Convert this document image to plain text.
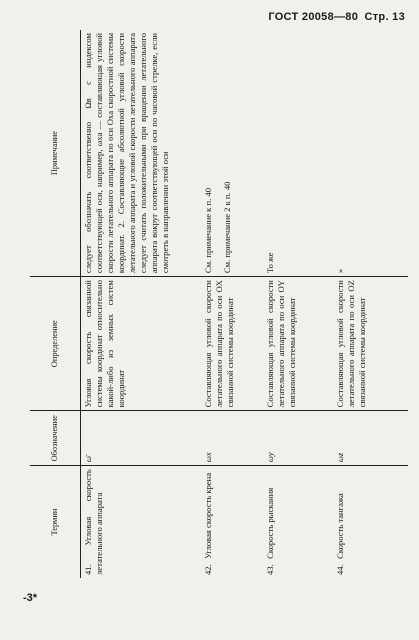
ГОСТ 20058—80 Стр. 13
Термин	Обозначение	Определение	Примечание
41. Угловая скорость летательного аппарата	ω̄	Угловая скорость связанной системы координат относительно какой-либо из земных систем координат	следует обозначать соответственно Ωв с индексом соответствующей оси, например, ωxа — составляющая угловой скорости летательного аппарата по оси Oxa скоростной системы координат. 2. Составляющие абсолютной угловой скорости летательного аппарата и угловой скорости летательного аппарата следует считать положительными при вращении летательного аппарата вокруг соответствующей оси по часовой стрелке, если смотреть в направлении этой оси
42. Угловая скорость крена	ωx	Составляющая угловой скорости летательного аппарата по оси OX связанной системы координат	См. примечание к п. 40 См. примечание 2 к п. 40

43. Скорость рыскания	ωy	Составляющая угловой скорости летательного аппарата по оси OY связанной системы координат	То же
44. Скорость тангажа	ωz	Составляющая угловой скорости летательного аппарата по оси OZ связанной системы координат	»
-3*
